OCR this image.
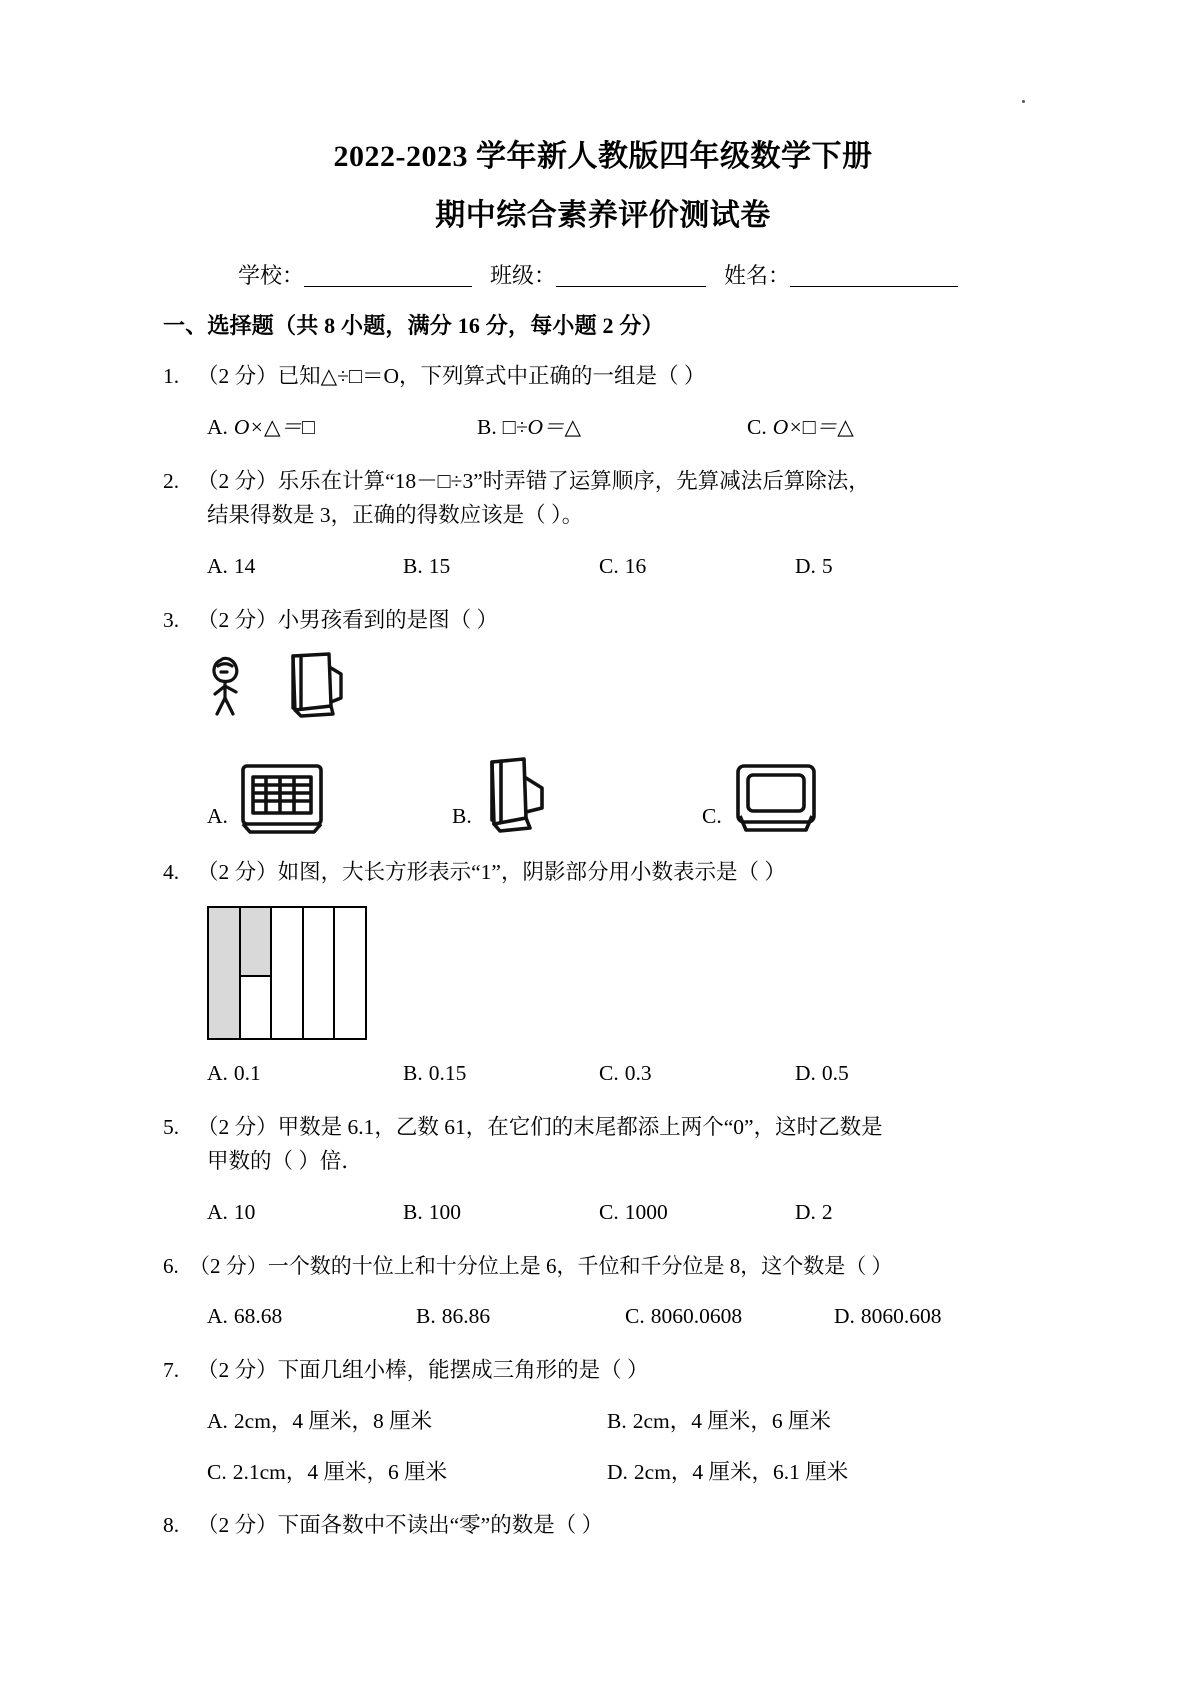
2022-2023 学年新人教版四年级数学下册
期中综合素养评价测试卷
学校：	班级：	姓名：
一、选择题（共 8 小题，满分 16 分，每小题 2 分）
1. （2 分）已知△÷□＝O，下列算式中正确的一组是（ ）
A. O×△＝□	B. □÷O＝△	C. O×□＝△
2. （2 分）乐乐在计算“18－□÷3”时弄错了运算顺序，先算减法后算除法，
结果得数是 3，正确的得数应该是（ ）。
A. 14	B. 15	C. 16	D. 5
3. （2 分）小男孩看到的是图（ ）
A.	B.	C.
4. （2 分）如图，大长方形表示“1”，阴影部分用小数表示是（ ）
A. 0.1	B. 0.15	C. 0.3	D. 0.5
5. （2 分）甲数是 6.1，乙数 61，在它们的末尾都添上两个“0”，这时乙数是
甲数的（ ）倍．
A. 10	B. 100	C. 1000	D. 2
6. （2 分）一个数的十位上和十分位上是 6，千位和千分位是 8，这个数是（ ）
A. 68.68	B. 86.86	C. 8060.0608	D. 8060.608
7. （2 分）下面几组小棒，能摆成三角形的是（ ）
A. 2cm，4 厘米，8 厘米	B. 2cm，4 厘米，6 厘米
C. 2.1cm，4 厘米，6 厘米	D. 2cm，4 厘米，6.1 厘米
8. （2 分）下面各数中不读出“零”的数是（ ）
